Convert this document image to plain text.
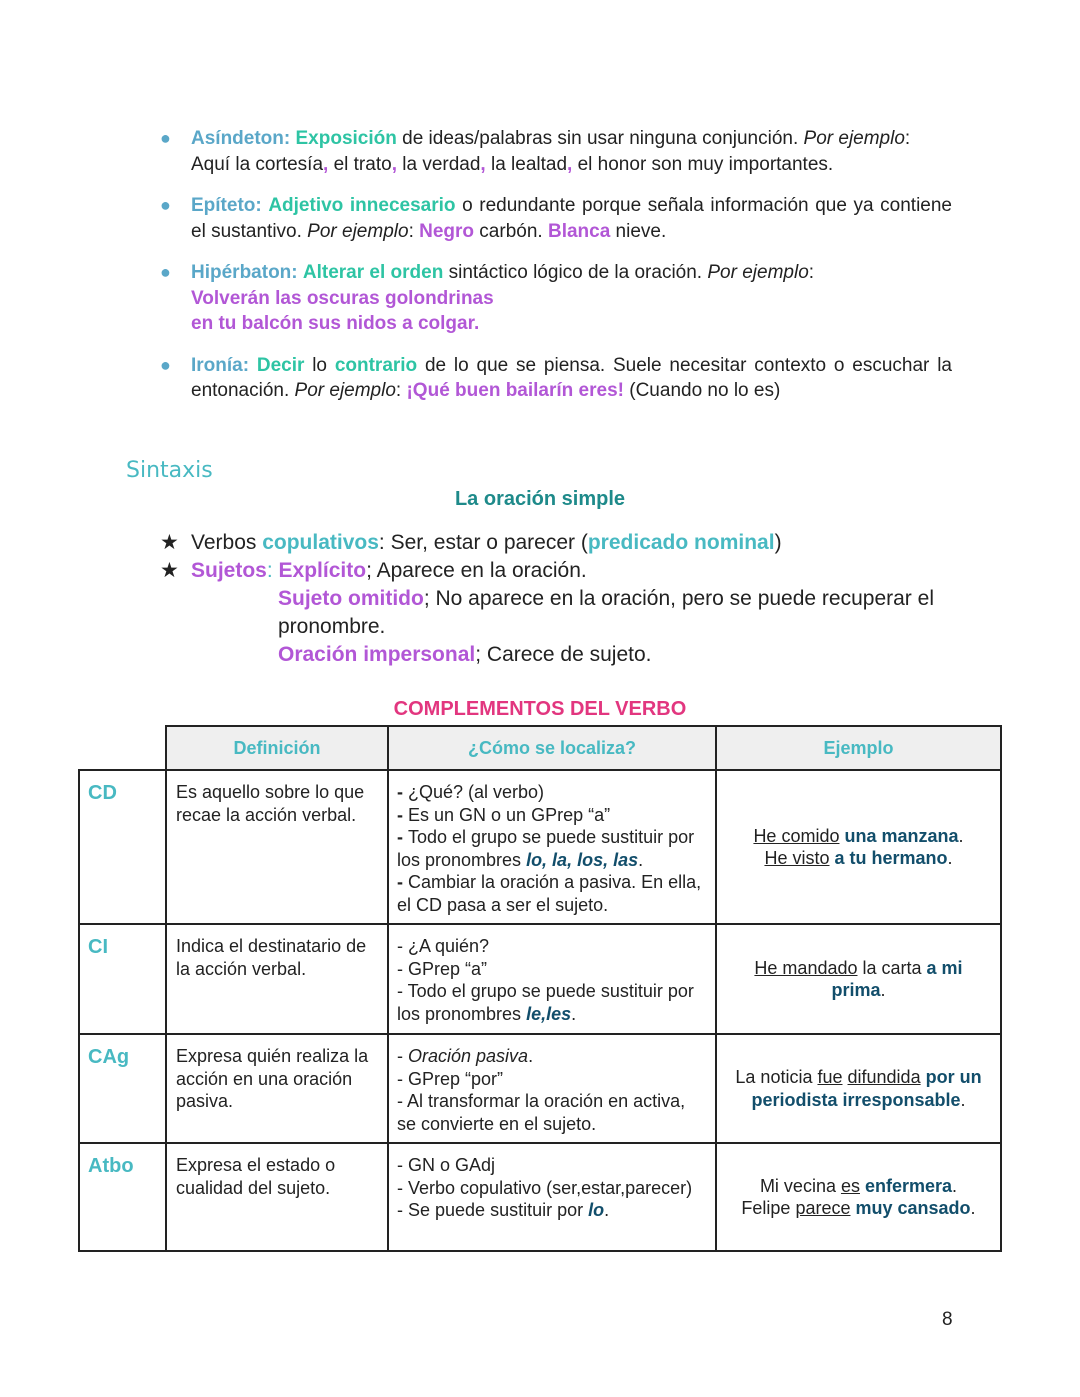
● Asíndeton: Exposición de ideas/palabras sin usar ninguna conjunción. Por ejemplo:
Aquí la cortesía, el trato, la verdad, la lealtad, el honor son muy importantes.
● Epíteto: Adjetivo innecesario o redundante porque señala información que ya contiene el sustantivo. Por ejemplo: Negro carbón. Blanca nieve.
● Hipérbaton: Alterar el orden sintáctico lógico de la oración. Por ejemplo:
Volverán las oscuras golondrinas
en tu balcón sus nidos a colgar.
● Ironía: Decir lo contrario de lo que se piensa. Suele necesitar contexto o escuchar la entonación. Por ejemplo: ¡Qué buen bailarín eres! (Cuando no lo es)
Sintaxis
La oración simple
★ Verbos copulativos: Ser, estar o parecer (predicado nominal)
★ Sujetos: Explícito; Aparece en la oración.
Sujeto omitido; No aparece en la oración, pero se puede recuperar el pronombre.
Oración impersonal; Carece de sujeto.
COMPLEMENTOS DEL VERBO
	Definición	¿Cómo se localiza?	Ejemplo
CD	Es aquello sobre lo que recae la acción verbal.	- ¿Qué? (al verbo)
- Es un GN o un GPrep “a”
- Todo el grupo se puede sustituir por los pronombres lo, la, los, las.
- Cambiar la oración a pasiva. En ella, el CD pasa a ser el sujeto.	He comido una manzana.
He visto a tu hermano.
CI	Indica el destinatario de la acción verbal.	- ¿A quién?
- GPrep “a”
- Todo el grupo se puede sustituir por los pronombres le,les.	He mandado la carta a mi prima.
CAg	Expresa quién realiza la acción en una oración pasiva.	- Oración pasiva.
- GPrep “por”
- Al transformar la oración en activa, se convierte en el sujeto.	La noticia fue difundida por un periodista irresponsable.
Atbo	Expresa el estado o cualidad del sujeto.	- GN o GAdj
- Verbo copulativo (ser,estar,parecer)
- Se puede sustituir por lo.	Mi vecina es enfermera.
Felipe parece muy cansado.
8
